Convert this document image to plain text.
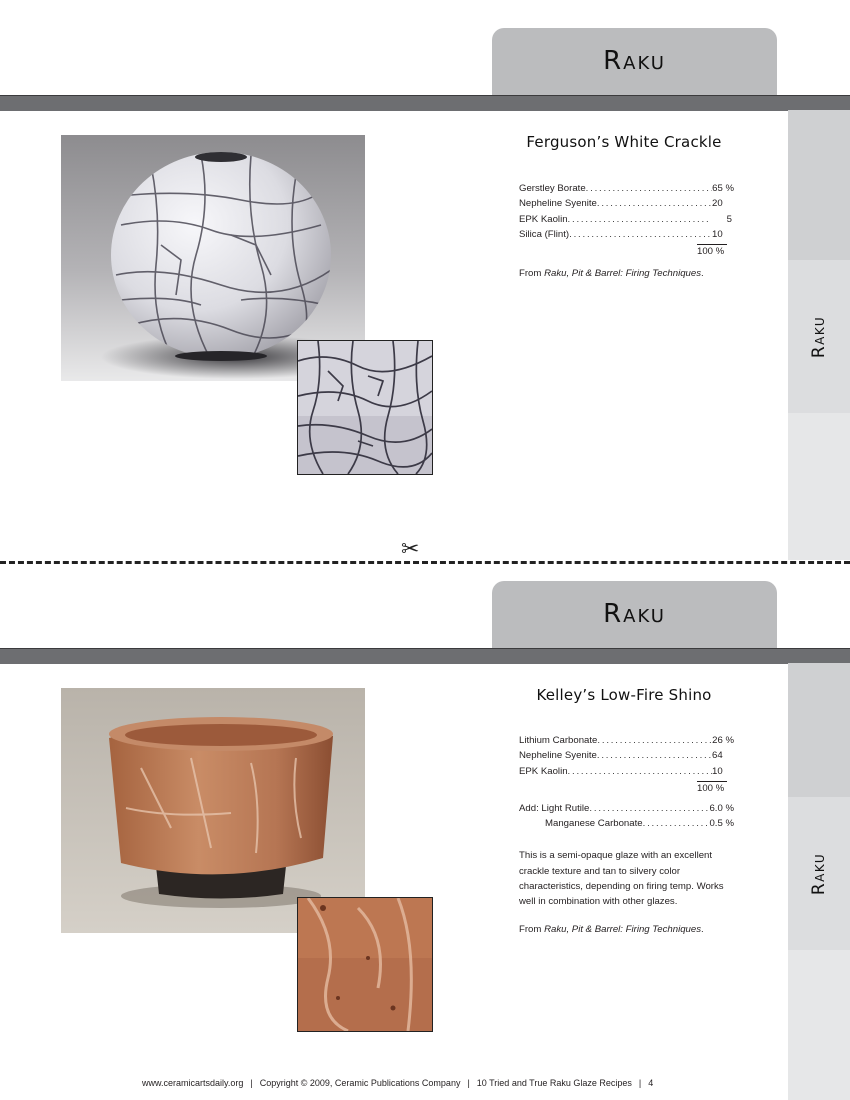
Raku
Raku
Ferguson’s White Crackle
Gerstley Borate .....	65 %
Nepheline Syenite .....	20
EPK Kaolin .....	5
Silica (Flint) .....	10
100 %

From Raku, Pit & Barrel: Firing Techniques.

✂
Raku
Raku
Kelley’s Low-Fire Shino
Lithium Carbonate .....	26 %
Nepheline Syenite .....	64
EPK Kaolin .....	10
100 %
Add: Light Rutile .....	6.0 %
Manganese Carbonate .....	0.5 %

This is a semi-opaque glaze with an excellent crackle texture and tan to silvery color characteristics, depending on firing temp. Works well in combination with other glazes.

From Raku, Pit & Barrel: Firing Techniques.

www.ceramicartsdaily.org | Copyright © 2009, Ceramic Publications Company | 10 Tried and True Raku Glaze Recipes | 4
